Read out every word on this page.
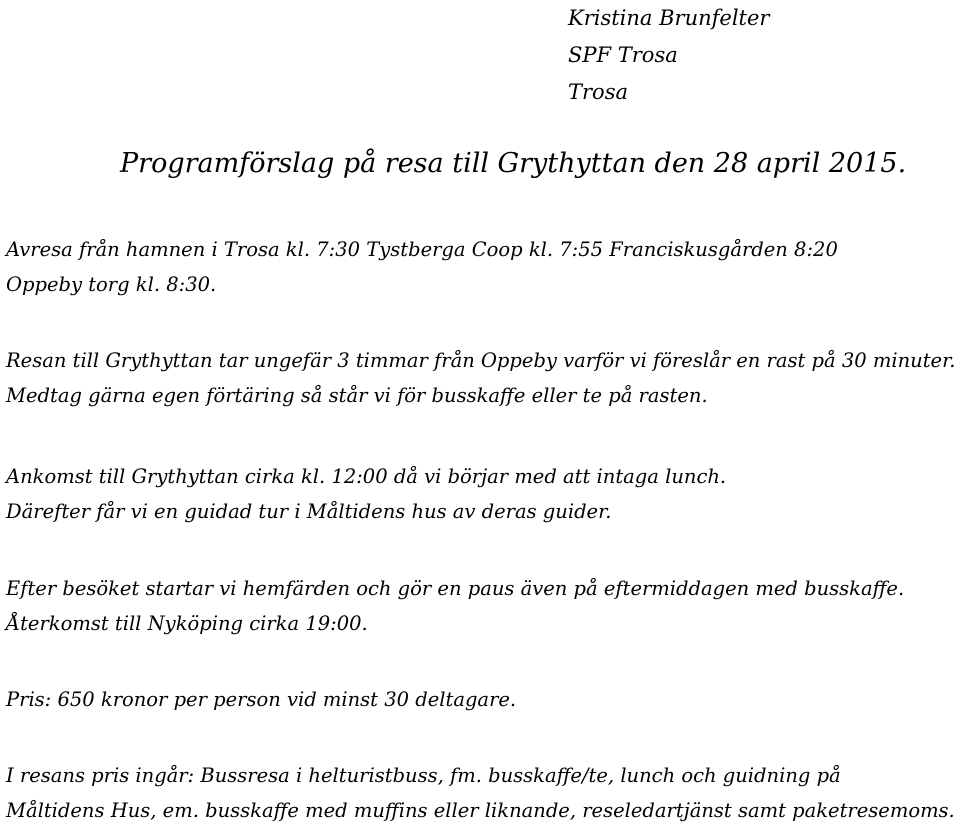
Kristina Brunfelter
SPF Trosa
Trosa
Programförslag på resa till Grythyttan den 28 april 2015.
Avresa från hamnen i Trosa kl. 7:30 Tystberga Coop kl. 7:55 Franciskusgården 8:20
Oppeby torg kl. 8:30.
Resan till Grythyttan tar ungefär 3 timmar från Oppeby varför vi föreslår en rast på 30 minuter.
Medtag gärna egen förtäring så står vi för busskaffe eller te på rasten.
Ankomst till Grythyttan cirka kl. 12:00 då vi börjar med att intaga lunch.
Därefter får vi en guidad tur i Måltidens hus av deras guider.
Efter besöket startar vi hemfärden och gör en paus även på eftermiddagen med busskaffe.
Återkomst till Nyköping cirka 19:00.
Pris: 650 kronor per person vid minst 30 deltagare.
I resans pris ingår: Bussresa i helturistbuss, fm. busskaffe/te, lunch och guidning på
Måltidens Hus, em. busskaffe med muffins eller liknande, reseledartjänst samt paketresemoms.
